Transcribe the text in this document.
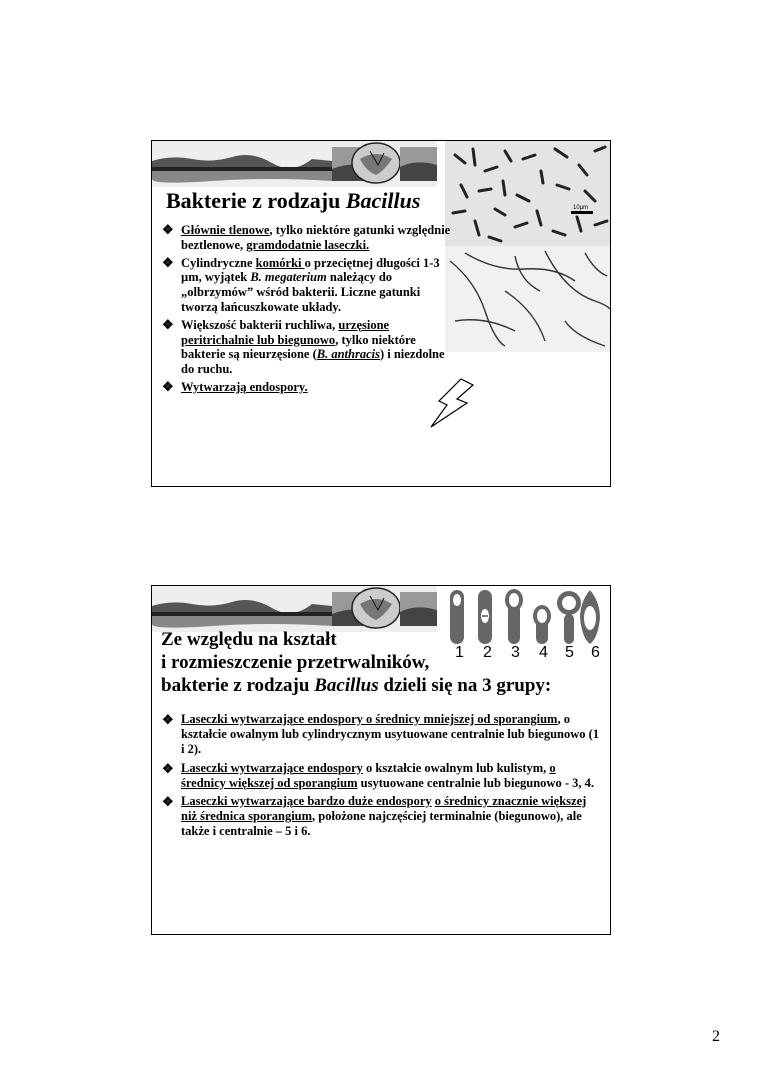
Bakterie z rodzaju Bacillus	10µm
❖ Głównie tlenowe, tylko niektóre gatunki względnie beztlenowe, gramdodatnie laseczki.
❖ Cylindryczne komórki o przeciętnej długości 1-3 µm, wyjątek B. megaterium należący do „olbrzymów” wśród bakterii. Liczne gatunki tworzą łańcuszkowate układy.
❖ Większość bakterii ruchliwa, urzęsione peritrichalnie lub biegunowo, tylko niektóre bakterie są nieurzęsione (B. anthracis) i niezdolne do ruchu.
❖ Wytwarzają endospory.
1 2 3 4 5 6
Ze względu na kształt
i rozmieszczenie przetrwalników,
bakterie z rodzaju Bacillus dzieli się na 3 grupy:
❖ Laseczki wytwarzające endospory o średnicy mniejszej od sporangium, o kształcie owalnym lub cylindrycznym usytuowane centralnie lub biegunowo (1 i 2).
❖ Laseczki wytwarzające endospory o kształcie owalnym lub kulistym, o średnicy większej od sporangium usytuowane centralnie lub biegunowo - 3, 4.
❖ Laseczki wytwarzające bardzo duże endospory o średnicy znacznie większej niż średnica sporangium, położone najczęściej terminalnie (biegunowo), ale także i centralnie – 5 i 6.
2
